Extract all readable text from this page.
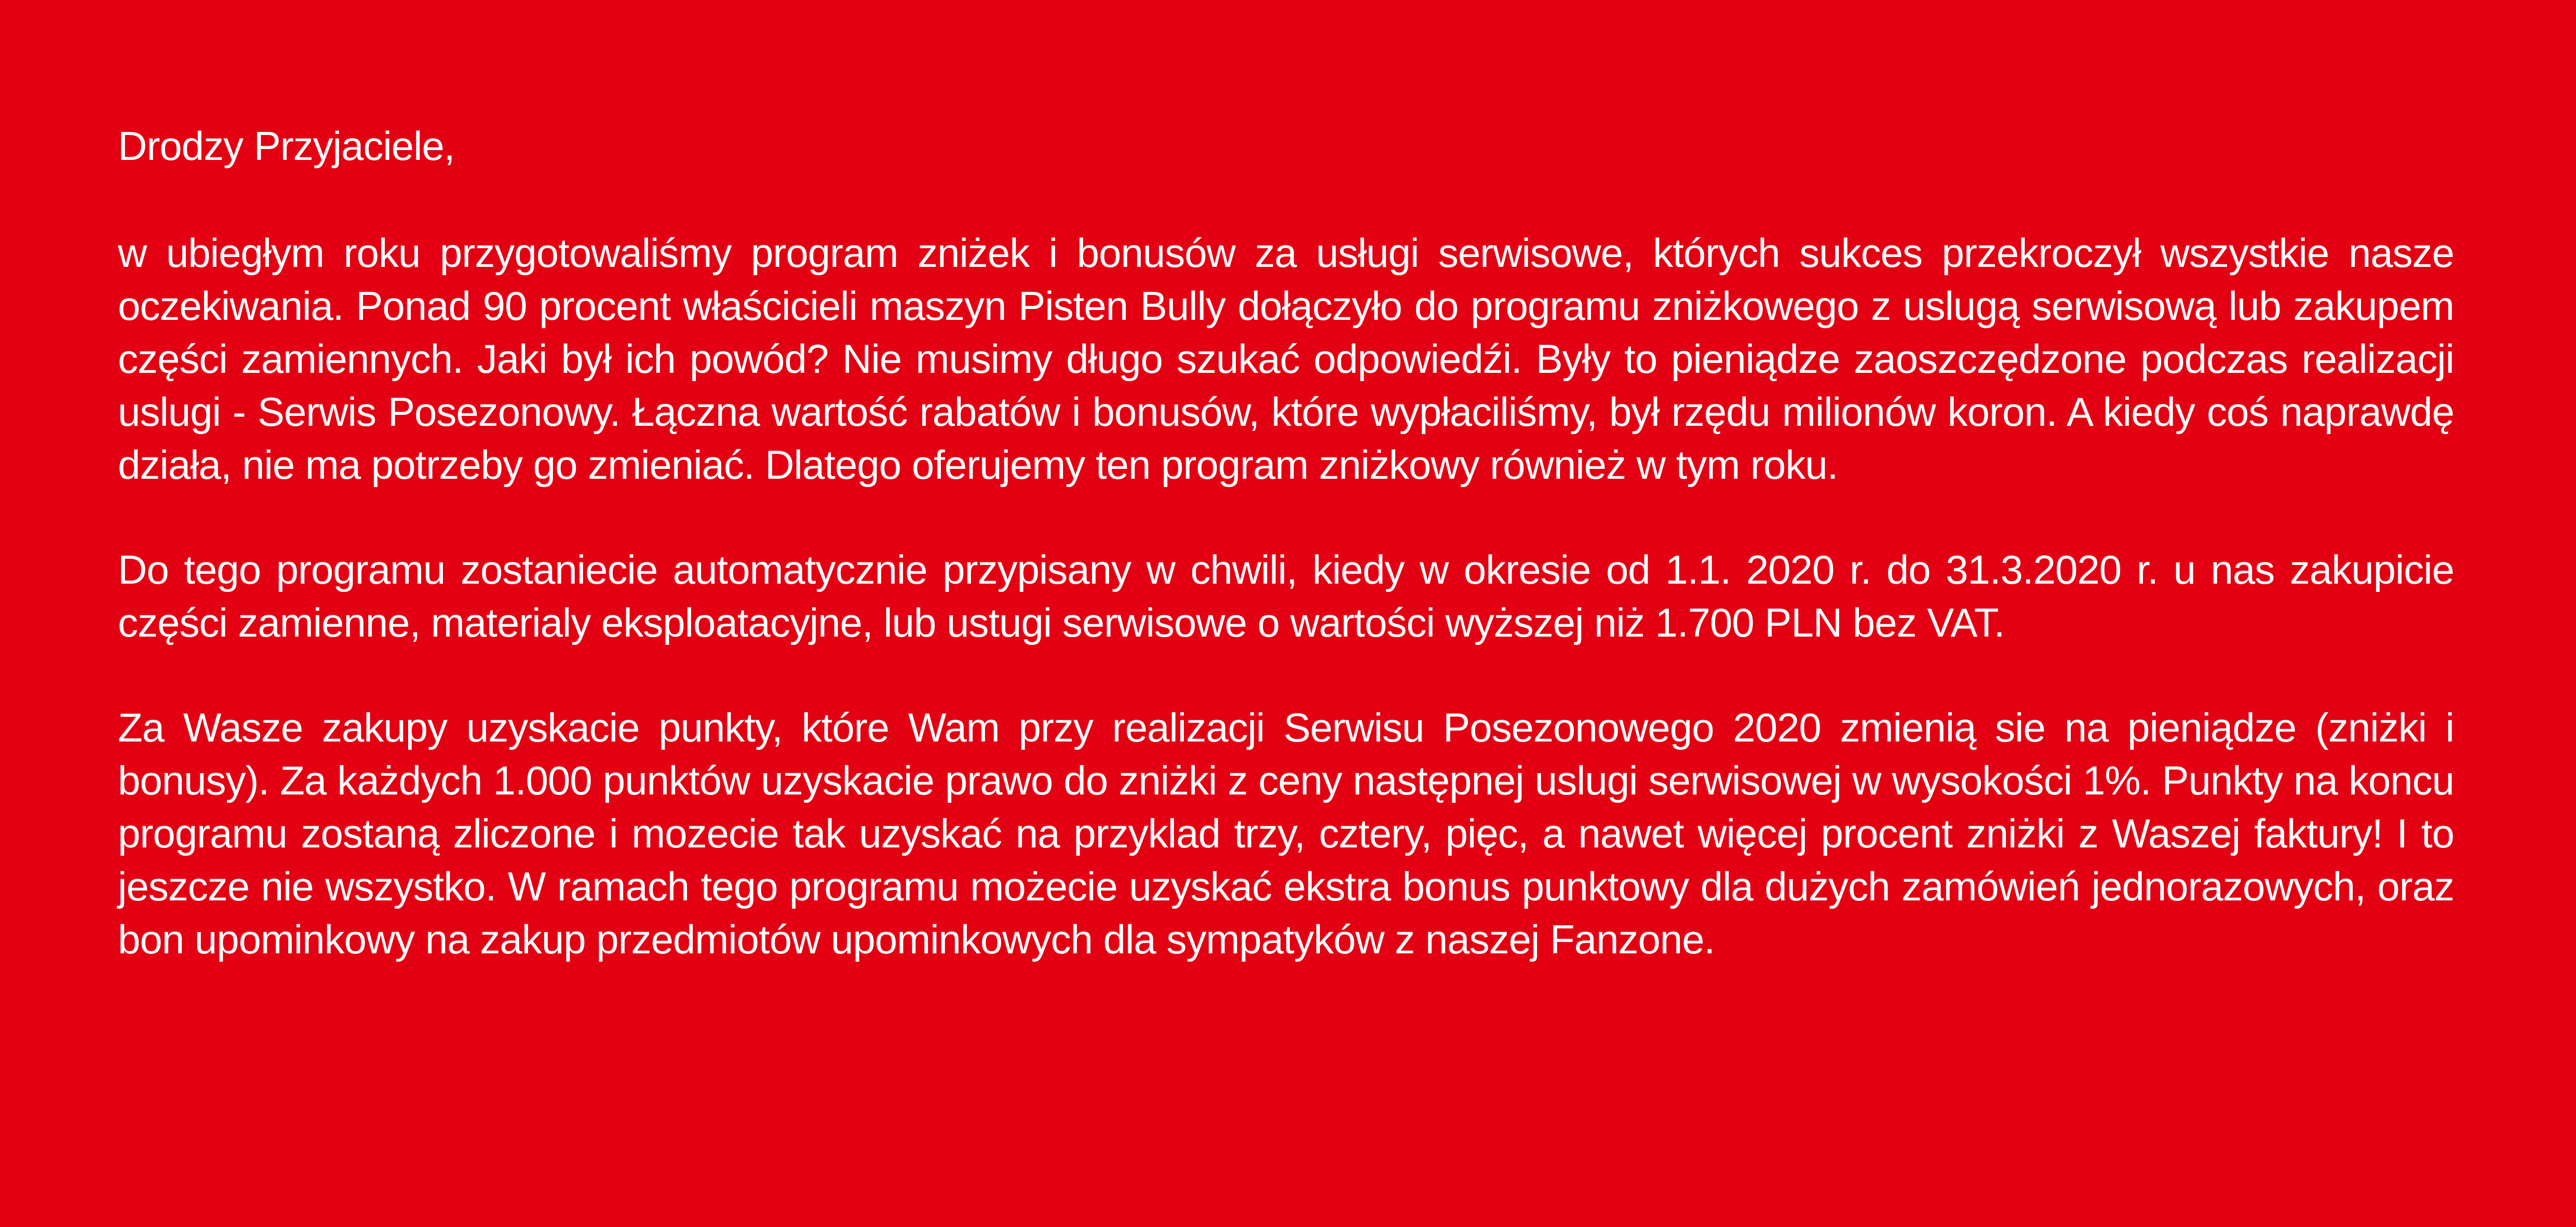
Drodzy Przyjaciele,
w ubiegłym roku przygotowaliśmy program zniżek i bonusów za usługi serwisowe, których sukces przekroczył wszystkie nasze oczekiwania. Ponad 90 procent właścicieli maszyn Pisten Bully dołączyło do programu zniżkowego z uslugą serwisową lub zakupem części zamiennych. Jaki był ich powód? Nie musimy długo szukać odpowiedźi. Były to pieniądze zaoszczędzone podczas realizacji uslugi - Serwis Posezonowy. Łączna wartość rabatów i bonusów, które wypłaciliśmy, był rzędu milionów koron. A kiedy coś naprawdę działa, nie ma potrzeby go zmieniać. Dlatego oferujemy ten program zniżkowy również w tym roku.
Do tego programu zostaniecie automatycznie przypisany w chwili, kiedy w okresie od 1.1. 2020 r. do 31.3.2020 r. u nas zakupicie części zamienne, materialy eksploatacyjne, lub ustugi serwisowe o wartości wyższej niż 1.700 PLN bez VAT.
Za Wasze zakupy uzyskacie punkty, które Wam przy realizacji Serwisu Posezonowego 2020 zmienią sie na pieniądze (zniżki i bonusy). Za każdych 1.000 punktów uzyskacie prawo do zniżki z ceny następnej uslugi serwisowej w wysokości 1%. Punkty na koncu programu zostaną zliczone i mozecie tak uzyskać na przyklad trzy, cztery, pięc, a nawet więcej procent zniżki z Waszej faktury! I to jeszcze nie wszystko. W ramach tego programu możecie uzyskać ekstra bonus punktowy dla dużych zamówień jednorazowych, oraz bon upominkowy na zakup przedmiotów upominkowych dla sympatyków z naszej Fanzone.
